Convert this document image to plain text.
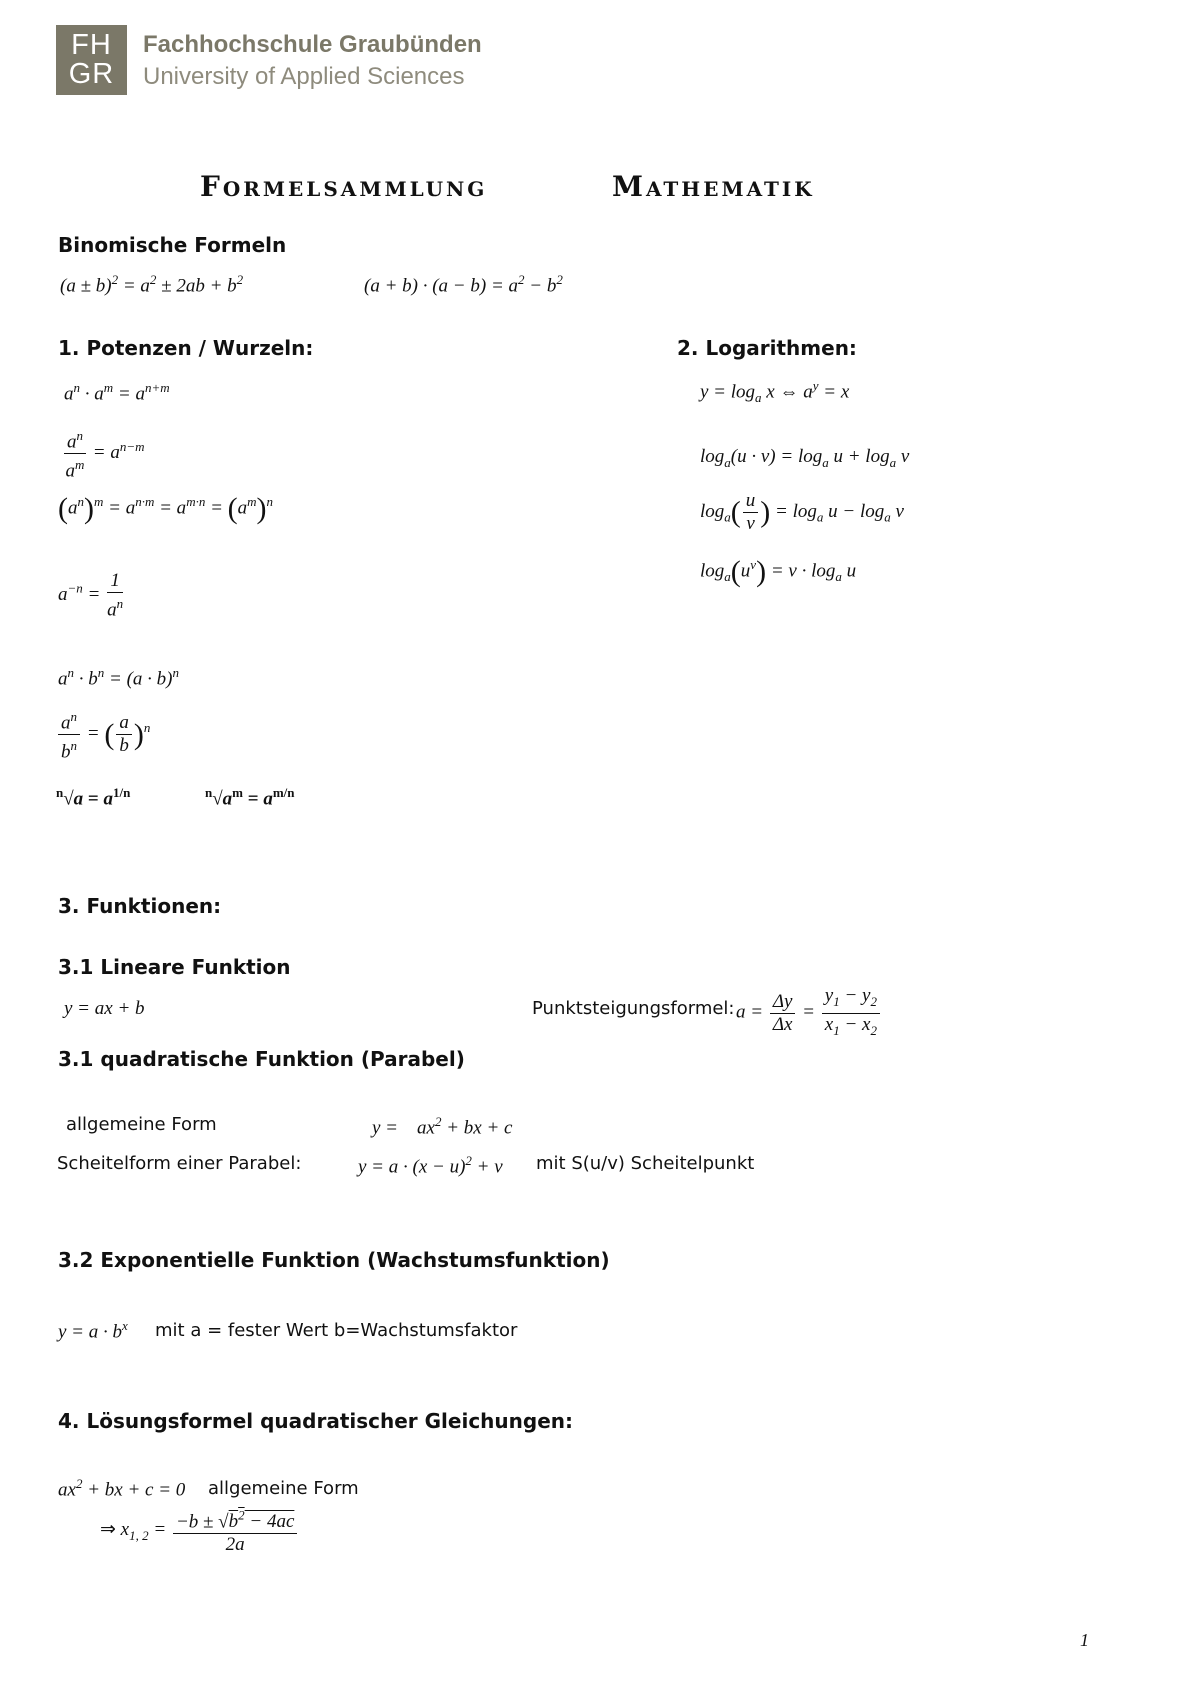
FH
GR
Fachhochschule Graubünden
University of Applied Sciences
Formelsammlung	Mathematik
Binomische Formeln
$(a \pm b)^2 = a^2 \pm 2ab + b^2$	$(a + b) \cdot (a - b) = a^2 - b^2$
1. Potenzen / Wurzeln:
$a^n \cdot a^m = a^{n+m}$
$\frac{a^n}{a^m} = a^{n-m}$
$(a^n)^m = a^{n\cdot m} = a^{m\cdot n} = (a^m)^n$
$a^{-n} = \frac{1}{a^n}$
$a^n \cdot b^n = (a \cdot b)^n$
$\frac{a^n}{b^n}$ = ( $\frac{a}{b} )^n$
$^n√a = a^{1/n}$	$^n√a^m = a^{m/n}$
2. Logarithmen:
$y = \log_a x$ ⇔ $a^y = x$
$\log_a(u \cdot v) = \log_a u + \log_a v$
$\log_a( \frac{u}{v}$ ) = $\log_a u - \log_a v$
$\log_a(u^v) = v \cdot \log_a u$
3. Funktionen:
3.1 Lineare Funktion
y = ax + b	Punktsteigungsformel: $a = \frac{\Delta y}{\Delta x} = \frac{y_1 - y_2}{x_1 - x_2}$
3.1 quadratische Funktion (Parabel)
allgemeine Form	y =    $ax^2$ + bx + c
Scheitelform einer Parabel:	$y = a \cdot (x - u)^2 + v$ mit S(u/v) Scheitelpunkt
3.2 Exponentielle Funktion (Wachstumsfunktion)
$y = a \cdot b^x$ mit a = fester Wert b=Wachstumsfaktor
4. Lösungsformel quadratischer Gleichungen:
$ax^2$ + bx + c = 0 allgemeine Form
⇒ $x_{1, 2} = \frac{-b \pm √b^2 - 4ac}{2a}$
1
